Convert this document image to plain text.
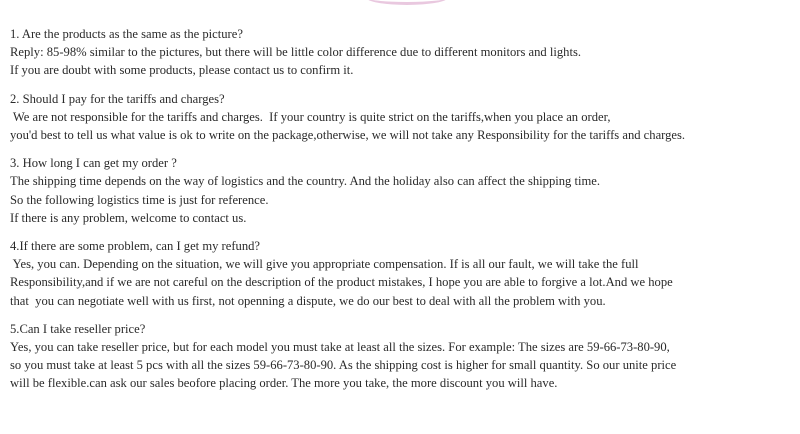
1. Are the products as the same as the picture?
Reply: 85-98% similar to the pictures, but there will be little color difference due to different monitors and lights.
If you are doubt with some products, please contact us to confirm it.
2. Should I pay for the tariffs and charges?
We are not responsible for the tariffs and charges.  If your country is quite strict on the tariffs,when you place an order,
you'd best to tell us what value is ok to write on the package,otherwise, we will not take any Responsibility for the tariffs and charges.
3. How long I can get my order ?
The shipping time depends on the way of logistics and the country. And the holiday also can affect the shipping time.
So the following logistics time is just for reference.
If there is any problem, welcome to contact us.
4.If there are some problem, can I get my refund?
Yes, you can. Depending on the situation, we will give you appropriate compensation. If is all our fault, we will take the full
Responsibility,and if we are not careful on the description of the product mistakes, I hope you are able to forgive a lot.And we hope
that  you can negotiate well with us first, not openning a dispute, we do our best to deal with all the problem with you.
5.Can I take reseller price?
Yes, you can take reseller price, but for each model you must take at least all the sizes. For example: The sizes are 59-66-73-80-90,
so you must take at least 5 pcs with all the sizes 59-66-73-80-90. As the shipping cost is higher for small quantity. So our unite price
will be flexible.can ask our sales beofore placing order. The more you take, the more discount you will have.
